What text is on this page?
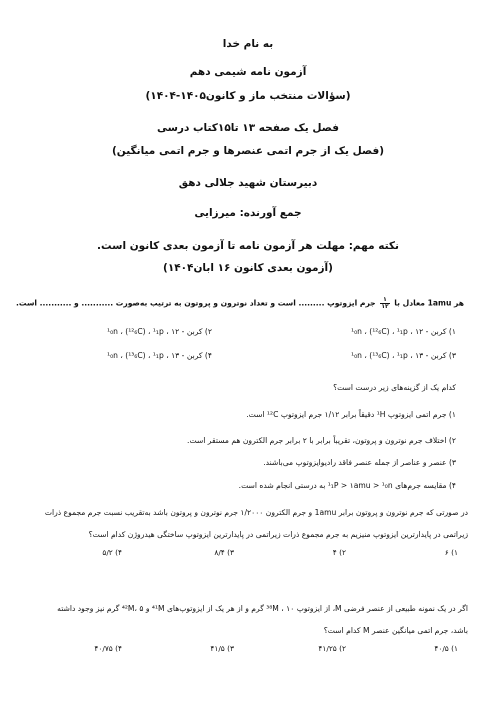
به نام خدا
آزمون نامه شیمی دهم
(سؤالات منتخب ماز و کانون۱۴۰۵-۱۴۰۴)
فصل یک صفحه ۱۳ تا۱۵کتاب درسی
(فصل یک از جرم اتمی عنصرها و جرم اتمی میانگین)
دبیرستان شهید جلالی دهق
جمع آورنده: میرزایی
نکته مهم: مهلت هر آزمون نامه تا آزمون بعدی کانون است.
(آزمون بعدی کانون ۱۶ ابان۱۴۰۴)
هر 1amu معادل با
$\frac{۱}{۱۲}$
جرم ایزوتوپ ......... است و تعداد نوترون و پروتون به ترتیب به‌صورت ........... و ........... است.
۱) کربن - ۱۲ ، ¹₀n ، (¹²₆C) ، ¹₁p
۲) کربن - ۱۲ ، ¹₀n ، (¹²₆C) ، ¹₁p
۳) کربن - ۱۳ ، ¹₀n ، (¹³₆C) ، ¹₁p
۴) کربن - ۱۳ ، ¹₀n ، (¹³₆C) ، ¹₁p
کدام یک از گزینه‌های زیر درست است؟
۱) جرم اتمی ایزوتوپ ¹H دقیقاً برابر ۱/۱۲ جرم ایزوتوپ ¹²C است.
۲) اختلاف جرم نوترون و پروتون، تقریباً برابر با ۲ برابر جرم الکترون هم مستقر است.
۳) عنصر و عناصر از جمله عنصر فاقد رادیوایزوتوپ می‌باشند.
۴) مقایسه جرم‌های ¹₁P > ۱amu > ¹₀n به درستی انجام شده است.
در صورتی که جرم نوترون و پروتون برابر 1amu و جرم الکترون ۱/۲۰۰۰ جرم نوترون و پروتون باشد به‌تقریب نسبت جرم مجموع ذرات
زیراتمی در پایدارترین ایزوتوپ منیزیم به جرم مجموع ذرات زیراتمی در پایدارترین ایزوتوپ ساختگی هیدروژن کدام است؟
۱) ۶
۲) ۴
۳) ۸/۴
۴) ۵/۲
اگر در یک نمونه طبیعی از عنصر فرضی M، از ایزوتوپ ³⁸M ، ۱۰ گرم و از هر یک از ایزوتوپ‌های ⁴¹M و ⁴²M، ۵ گرم نیز وجود داشته
باشد، جرم اتمی میانگین عنصر M کدام است؟
۱) ۴۰/۵
۲) ۴۱/۲۵
۳) ۴۱/۵
۴) ۴۰/۷۵
